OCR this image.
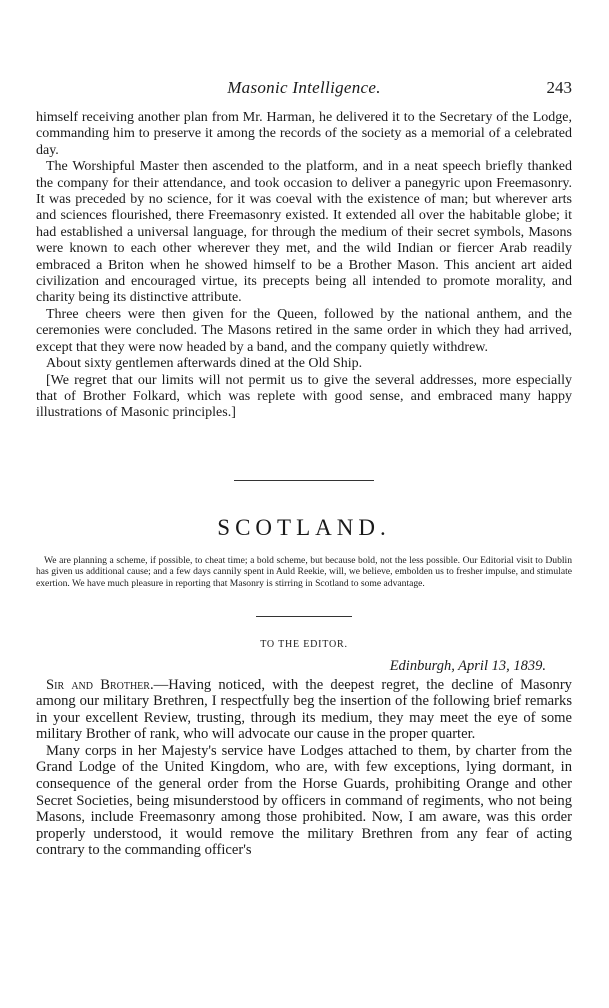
Masonic Intelligence.	243

himself receiving another plan from Mr. Harman, he delivered it to the Secretary of the Lodge, commanding him to preserve it among the records of the society as a memorial of a celebrated day.

The Worshipful Master then ascended to the platform, and in a neat speech briefly thanked the company for their attendance, and took occasion to deliver a panegyric upon Freemasonry. It was preceded by no science, for it was coeval with the existence of man; but wherever arts and sciences flourished, there Freemasonry existed. It extended all over the habitable globe; it had established a universal language, for through the medium of their secret symbols, Masons were known to each other wherever they met, and the wild Indian or fiercer Arab readily embraced a Briton when he showed himself to be a Brother Mason. This ancient art aided civilization and encouraged virtue, its precepts being all intended to promote morality, and charity being its distinctive attribute.

Three cheers were then given for the Queen, followed by the national anthem, and the ceremonies were concluded. The Masons retired in the same order in which they had arrived, except that they were now headed by a band, and the company quietly withdrew.

About sixty gentlemen afterwards dined at the Old Ship.

[We regret that our limits will not permit us to give the several addresses, more especially that of Brother Folkard, which was replete with good sense, and embraced many happy illustrations of Masonic principles.]

SCOTLAND.

We are planning a scheme, if possible, to cheat time; a bold scheme, but because bold, not the less possible. Our Editorial visit to Dublin has given us additional cause; and a few days cannily spent in Auld Reekie, will, we believe, embolden us to fresher impulse, and stimulate exertion. We have much pleasure in reporting that Masonry is stirring in Scotland to some advantage.

TO THE EDITOR.
Edinburgh, April 13, 1839.

Sir and Brother.—Having noticed, with the deepest regret, the decline of Masonry among our military Brethren, I respectfully beg the insertion of the following brief remarks in your excellent Review, trusting, through its medium, they may meet the eye of some military Brother of rank, who will advocate our cause in the proper quarter.

Many corps in her Majesty's service have Lodges attached to them, by charter from the Grand Lodge of the United Kingdom, who are, with few exceptions, lying dormant, in consequence of the general order from the Horse Guards, prohibiting Orange and other Secret Societies, being misunderstood by officers in command of regiments, who not being Masons, include Freemasonry among those prohibited. Now, I am aware, was this order properly understood, it would remove the military Brethren from any fear of acting contrary to the commanding officer's
